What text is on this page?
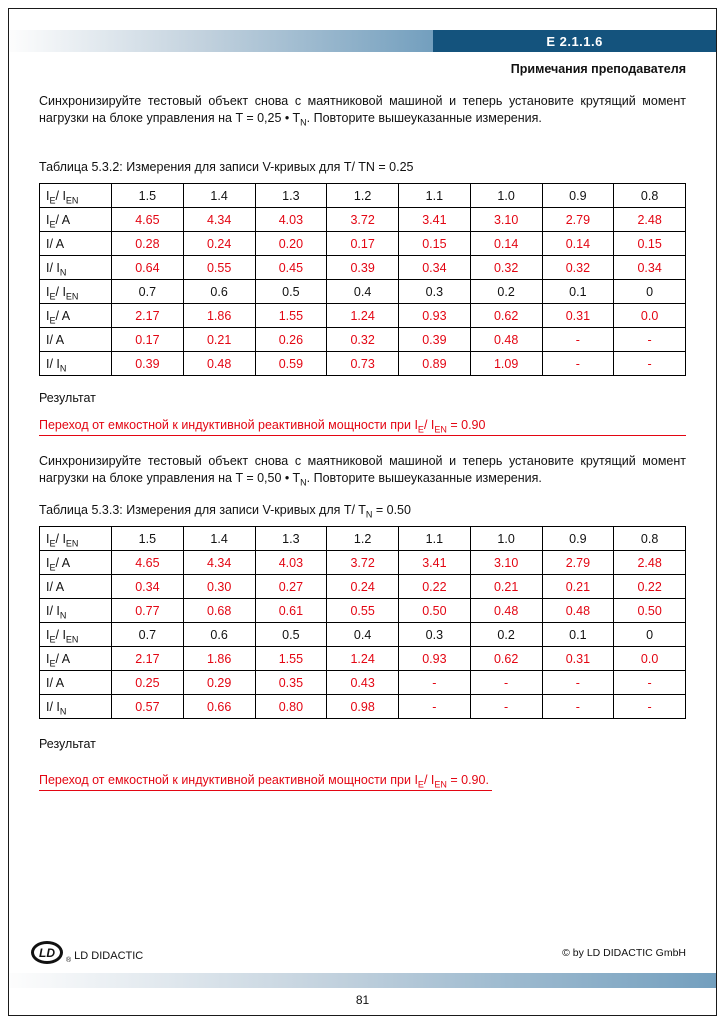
E 2.1.1.6
Примечания преподавателя

Синхронизируйте тестовый объект снова с маятниковой машиной и теперь установите крутящий момент нагрузки на блоке управления на T = 0,25 • $T_N$. Повторите вышеуказанные измерения.

Таблица 5.3.2: Измерения для записи V-кривых для T/ TN = 0.25
$I_E/$ $I_{EN}$	1.5	1.4	1.3	1.2	1.1	1.0	0.9	0.8
$I_E/$ A	4.65	4.34	4.03	3.72	3.41	3.10	2.79	2.48
I/ A	0.28	0.24	0.20	0.17	0.15	0.14	0.14	0.15
I/ $I_N$	0.64	0.55	0.45	0.39	0.34	0.32	0.32	0.34
$I_E/$ $I_{EN}$	0.7	0.6	0.5	0.4	0.3	0.2	0.1	0
$I_E/$ A	2.17	1.86	1.55	1.24	0.93	0.62	0.31	0.0
I/ A	0.17	0.21	0.26	0.32	0.39	0.48	-	-
I/ $I_N$	0.39	0.48	0.59	0.73	0.89	1.09	-	-
Результат
Переход от емкостной к индуктивной реактивной мощности при $I_E/$ $I_{EN} = 0.90$

Синхронизируйте тестовый объект снова с маятниковой машиной и теперь установите крутящий момент нагрузки на блоке управления на T = 0,50 • $T_N$. Повторите вышеуказанные измерения.

Таблица 5.3.3: Измерения для записи V-кривых для T/ $T_N = 0.50$
$I_E/$ $I_{EN}$	1.5	1.4	1.3	1.2	1.1	1.0	0.9	0.8
$I_E/$ A	4.65	4.34	4.03	3.72	3.41	3.10	2.79	2.48
I/ A	0.34	0.30	0.27	0.24	0.22	0.21	0.21	0.22
I/ $I_N$	0.77	0.68	0.61	0.55	0.50	0.48	0.48	0.50
$I_E/$ $I_{EN}$	0.7	0.6	0.5	0.4	0.3	0.2	0.1	0
$I_E/$ A	2.17	1.86	1.55	1.24	0.93	0.62	0.31	0.0
I/ A	0.25	0.29	0.35	0.43	-	-	-	-
I/ $I_N$	0.57	0.66	0.80	0.98	-	-	-	-
Результат
Переход от емкостной к индуктивной реактивной мощности при $I_E/$ $I_{EN} = 0.90$.
LD
® LD DIDACTIC	© by LD DIDACTIC GmbH
81
